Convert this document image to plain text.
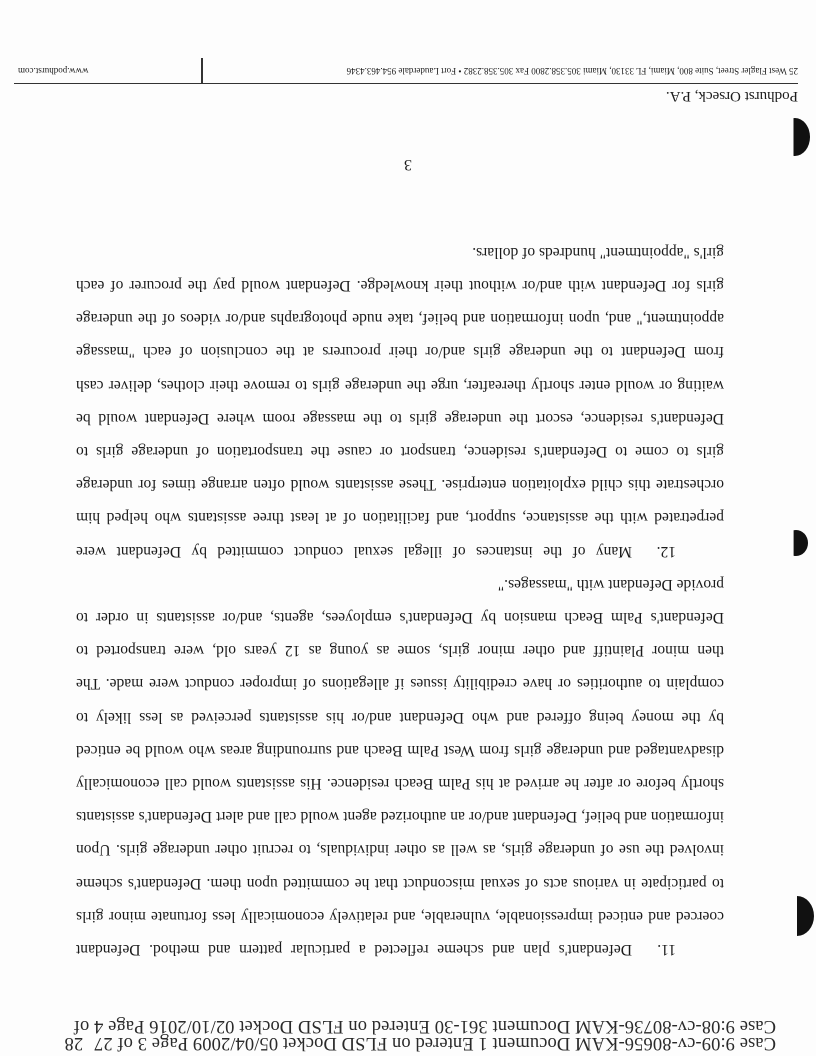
Case 9:08-cv-80736-KAM Document 361-30 Entered on FLSD Docket 02/10/2016 Page 4 of
Case 9:09-cv-80656-KAM Document 1 Entered on FLSD Docket 05/04/2009 Page 3 of 27 28

11.Defendant's plan and scheme reflected a particular pattern and method. Defendant coerced and enticed impressionable, vulnerable, and relatively economically less fortunate minor girls to participate in various acts of sexual misconduct that he committed upon them. Defendant's scheme involved the use of underage girls, as well as other individuals, to recruit other underage girls. Upon information and belief, Defendant and/or an authorized agent would call and alert Defendant's assistants shortly before or after he arrived at his Palm Beach residence. His assistants would call economically disadvantaged and underage girls from West Palm Beach and surrounding areas who would be enticed by the money being offered and who Defendant and/or his assistants perceived as less likely to complain to authorities or have credibility issues if allegations of improper conduct were made. The then minor Plaintiff and other minor girls, some as young as 12 years old, were transported to Defendant's Palm Beach mansion by Defendant's employees, agents, and/or assistants in order to provide Defendant with "massages."

12.Many of the instances of illegal sexual conduct committed by Defendant were perpetrated with the assistance, support, and facilitation of at least three assistants who helped him orchestrate this child exploitation enterprise. These assistants would often arrange times for underage girls to come to Defendant's residence, transport or cause the transportation of underage girls to Defendant's residence, escort the underage girls to the massage room where Defendant would be waiting or would enter shortly thereafter, urge the underage girls to remove their clothes, deliver cash from Defendant to the underage girls and/or their procurers at the conclusion of each "massage appointment," and, upon information and belief, take nude photographs and/or videos of the underage girls for Defendant with and/or without their knowledge. Defendant would pay the procurer of each girl's "appointment" hundreds of dollars.

3
Podhurst Orseck, P.A.
25 West Flagler Street, Suite 800, Miami, FL 33130, Miami 305.358.2800 Fax 305.358.2382 • Fort Lauderdale 954.463.4346
www.podhurst.com
